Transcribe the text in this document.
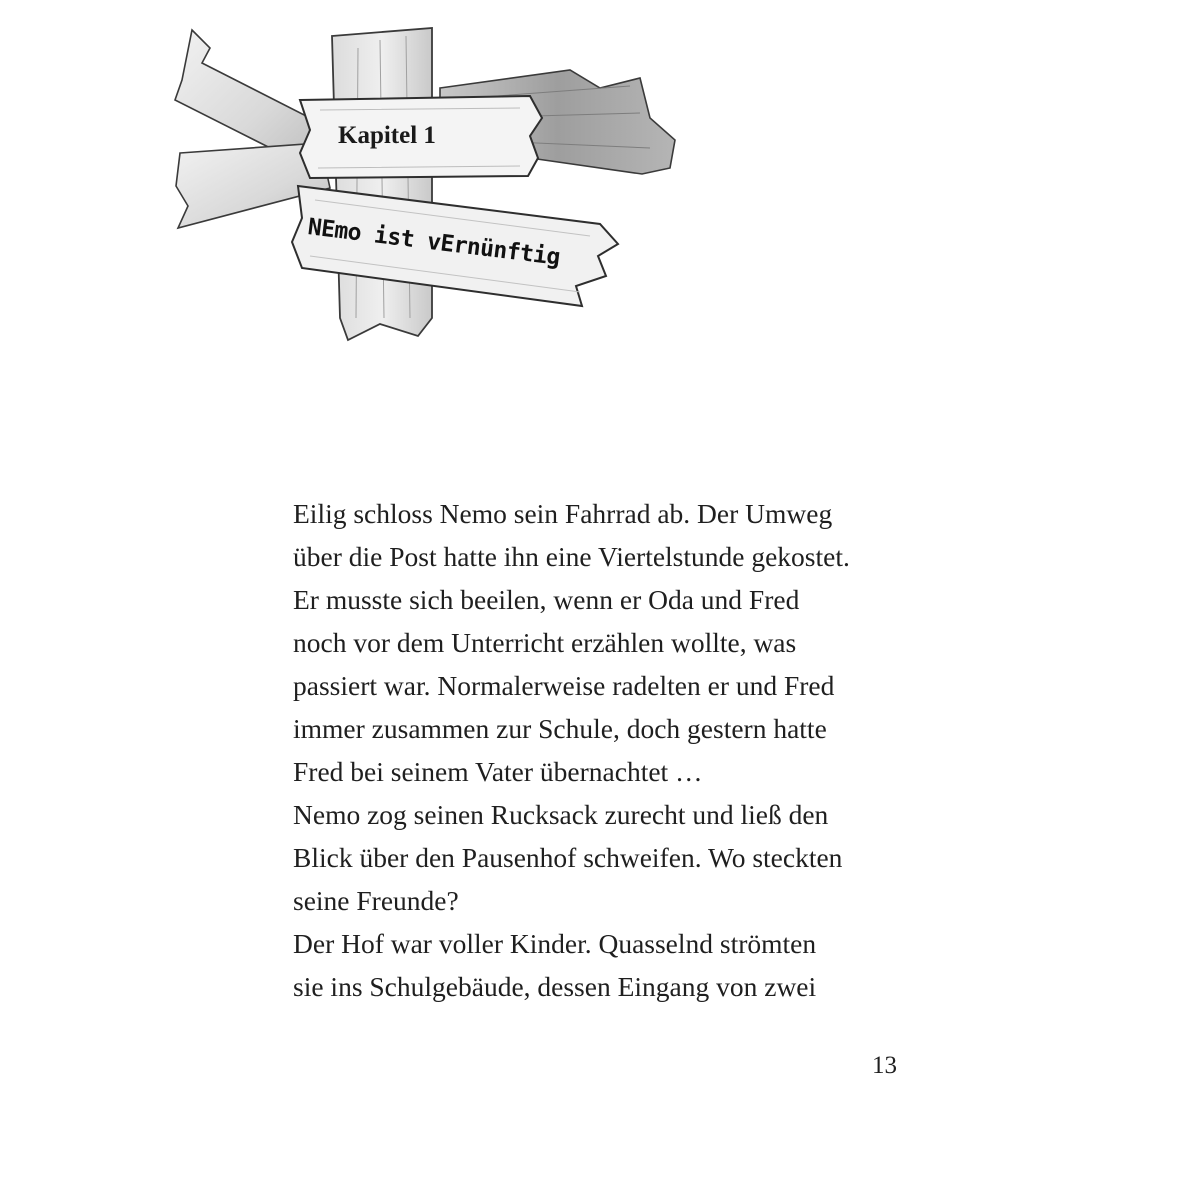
Kapitel 1
NEmo ist vErnünftig
Eilig schloss Nemo sein Fahrrad ab. Der Umweg
über die Post hatte ihn eine Viertelstunde gekostet.
Er musste sich beeilen, wenn er Oda und Fred
noch vor dem Unterricht erzählen wollte, was
passiert war. Normalerweise radelten er und Fred
immer zusammen zur Schule, doch gestern hatte
Fred bei seinem Vater übernachtet …
Nemo zog seinen Rucksack zurecht und ließ den
Blick über den Pausenhof schweifen. Wo steckten
seine Freunde?
Der Hof war voller Kinder. Quasselnd strömten
sie ins Schulgebäude, dessen Eingang von zwei
13
